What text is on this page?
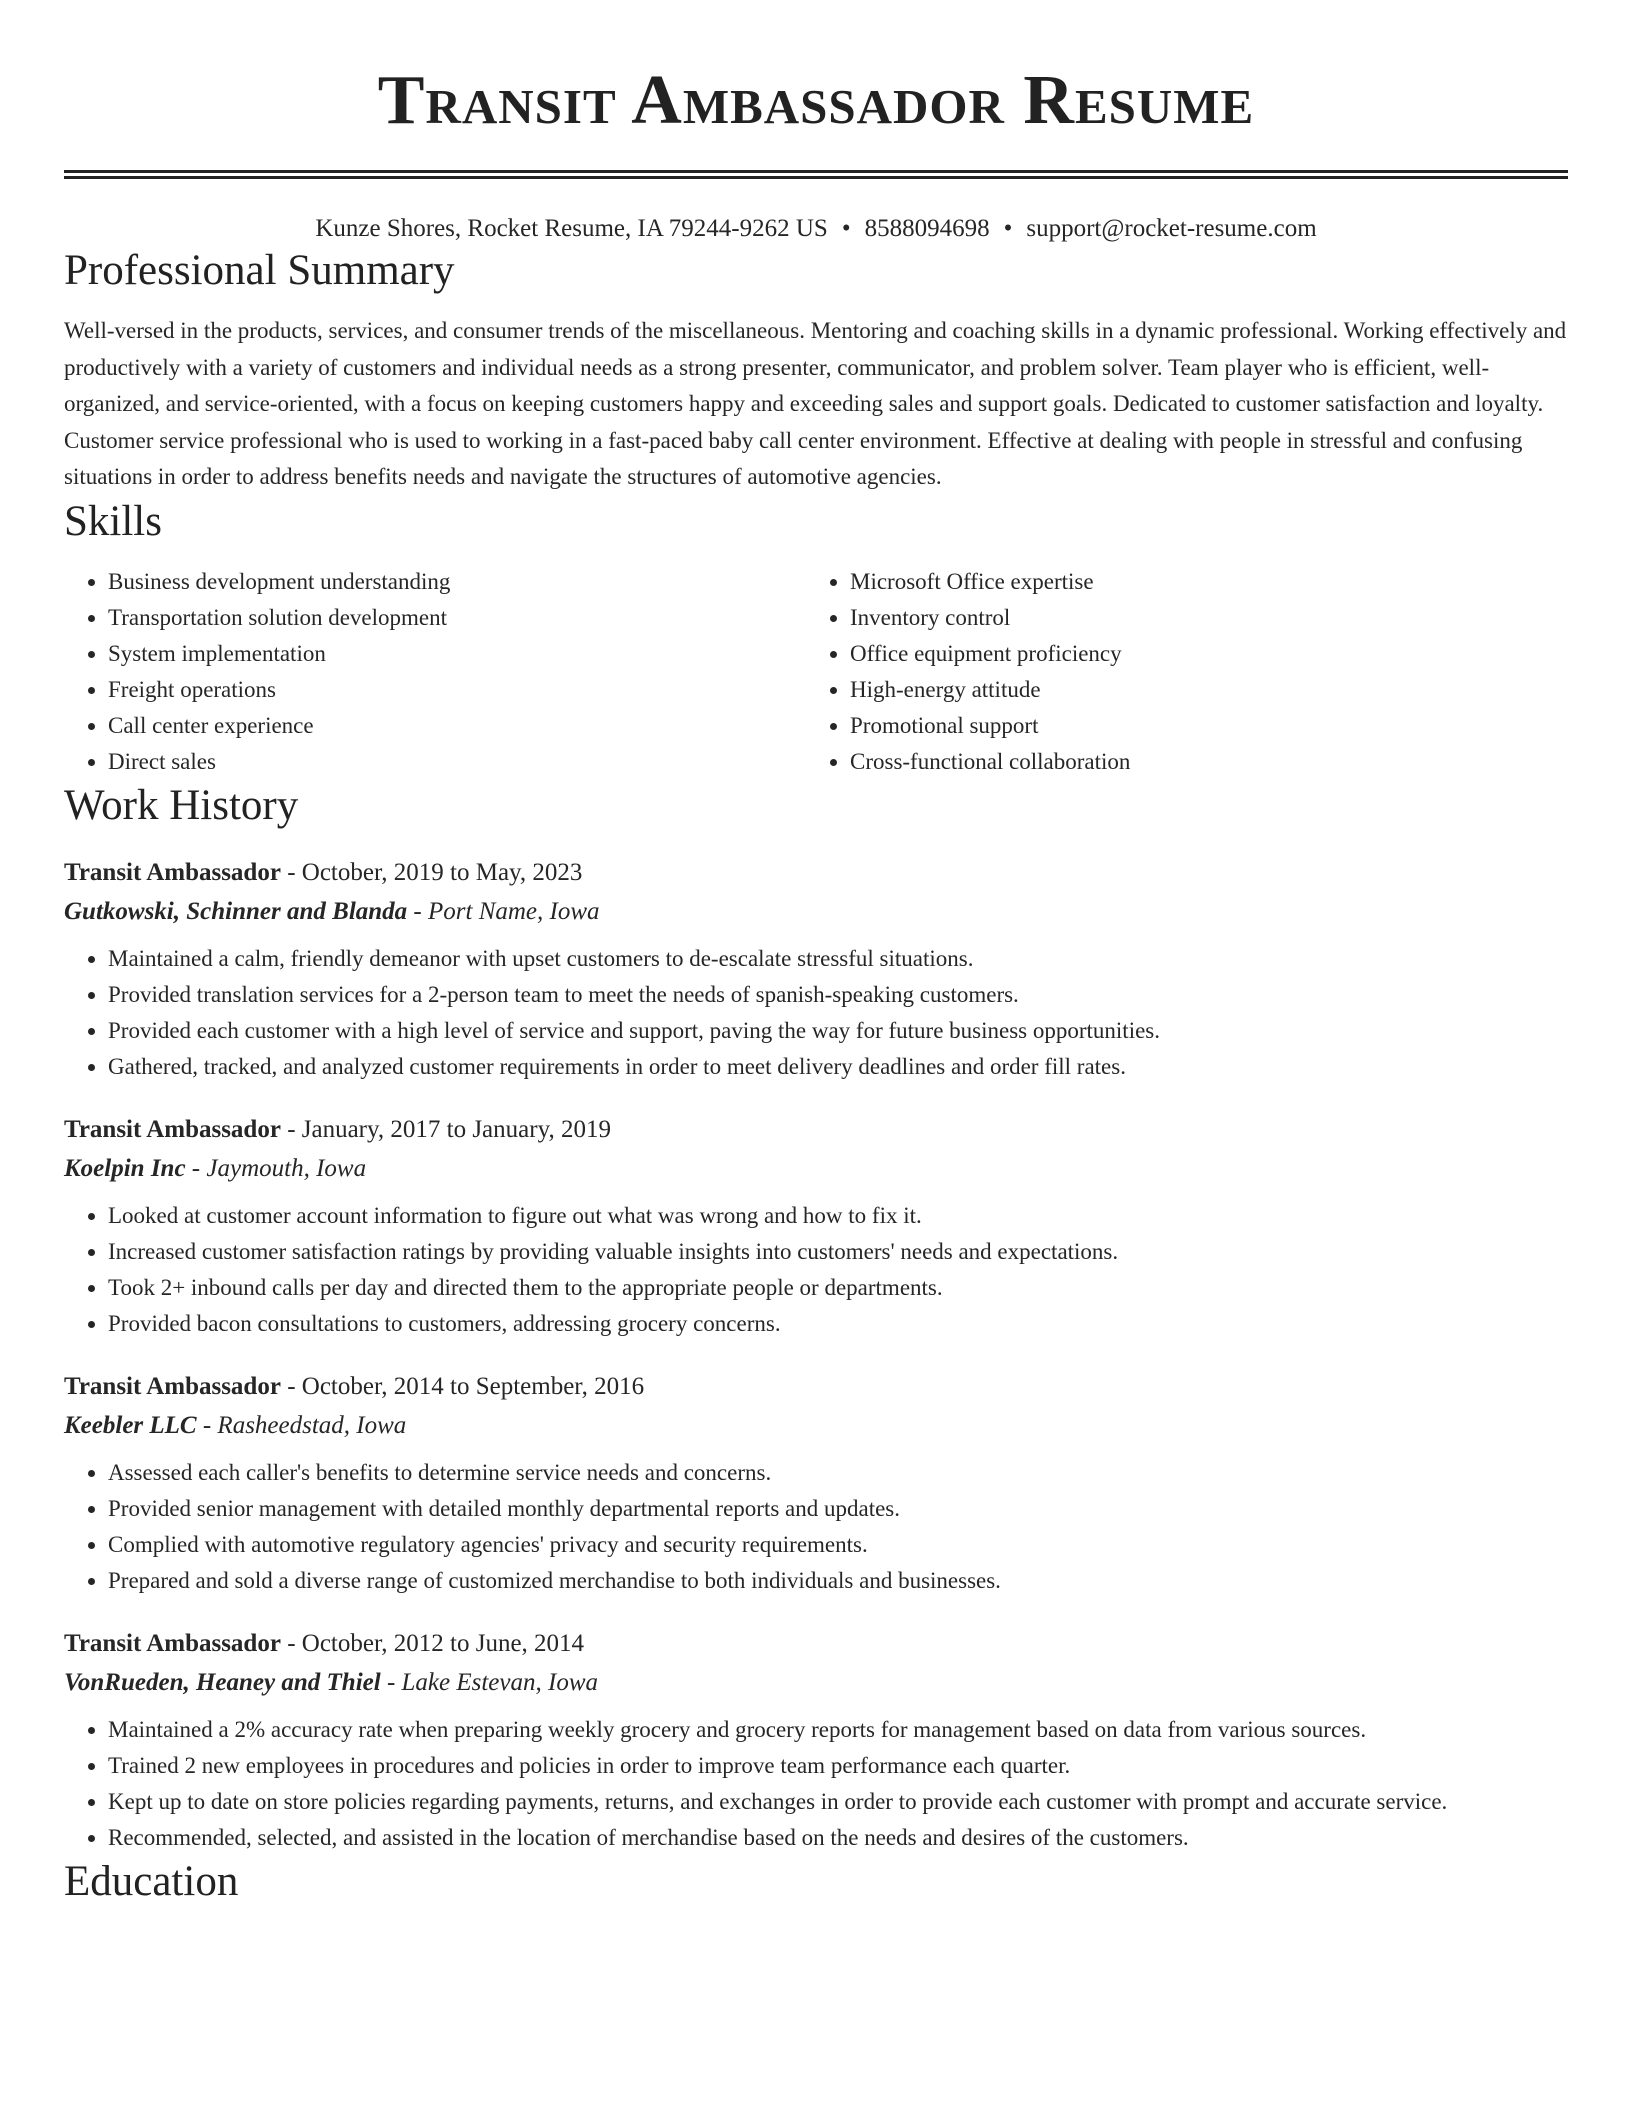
Transit Ambassador Resume
Kunze Shores, Rocket Resume, IA 79244-9262 US • 8588094698 • support@rocket-resume.com
Professional Summary

Well-versed in the products, services, and consumer trends of the miscellaneous. Mentoring and coaching skills in a dynamic professional. Working effectively and productively with a variety of customers and individual needs as a strong presenter, communicator, and problem solver. Team player who is efficient, well-organized, and service-oriented, with a focus on keeping customers happy and exceeding sales and support goals. Dedicated to customer satisfaction and loyalty. Customer service professional who is used to working in a fast-paced baby call center environment. Effective at dealing with people in stressful and confusing situations in order to address benefits needs and navigate the structures of automotive agencies.

Skills
• Business development understanding
• Transportation solution development
• System implementation
• Freight operations
• Call center experience
• Direct sales
• Microsoft Office expertise
• Inventory control
• Office equipment proficiency
• High-energy attitude
• Promotional support
• Cross-functional collaboration
Work History
Transit Ambassador - October, 2019 to May, 2023
Gutkowski, Schinner and Blanda - Port Name, Iowa
• Maintained a calm, friendly demeanor with upset customers to de-escalate stressful situations.
• Provided translation services for a 2-person team to meet the needs of spanish-speaking customers.
• Provided each customer with a high level of service and support, paving the way for future business opportunities.
• Gathered, tracked, and analyzed customer requirements in order to meet delivery deadlines and order fill rates.
Transit Ambassador - January, 2017 to January, 2019
Koelpin Inc - Jaymouth, Iowa
• Looked at customer account information to figure out what was wrong and how to fix it.
• Increased customer satisfaction ratings by providing valuable insights into customers' needs and expectations.
• Took 2+ inbound calls per day and directed them to the appropriate people or departments.
• Provided bacon consultations to customers, addressing grocery concerns.
Transit Ambassador - October, 2014 to September, 2016
Keebler LLC - Rasheedstad, Iowa
• Assessed each caller's benefits to determine service needs and concerns.
• Provided senior management with detailed monthly departmental reports and updates.
• Complied with automotive regulatory agencies' privacy and security requirements.
• Prepared and sold a diverse range of customized merchandise to both individuals and businesses.
Transit Ambassador - October, 2012 to June, 2014
VonRueden, Heaney and Thiel - Lake Estevan, Iowa
• Maintained a 2% accuracy rate when preparing weekly grocery and grocery reports for management based on data from various sources.
• Trained 2 new employees in procedures and policies in order to improve team performance each quarter.
• Kept up to date on store policies regarding payments, returns, and exchanges in order to provide each customer with prompt and accurate service.
• Recommended, selected, and assisted in the location of merchandise based on the needs and desires of the customers.
Education
